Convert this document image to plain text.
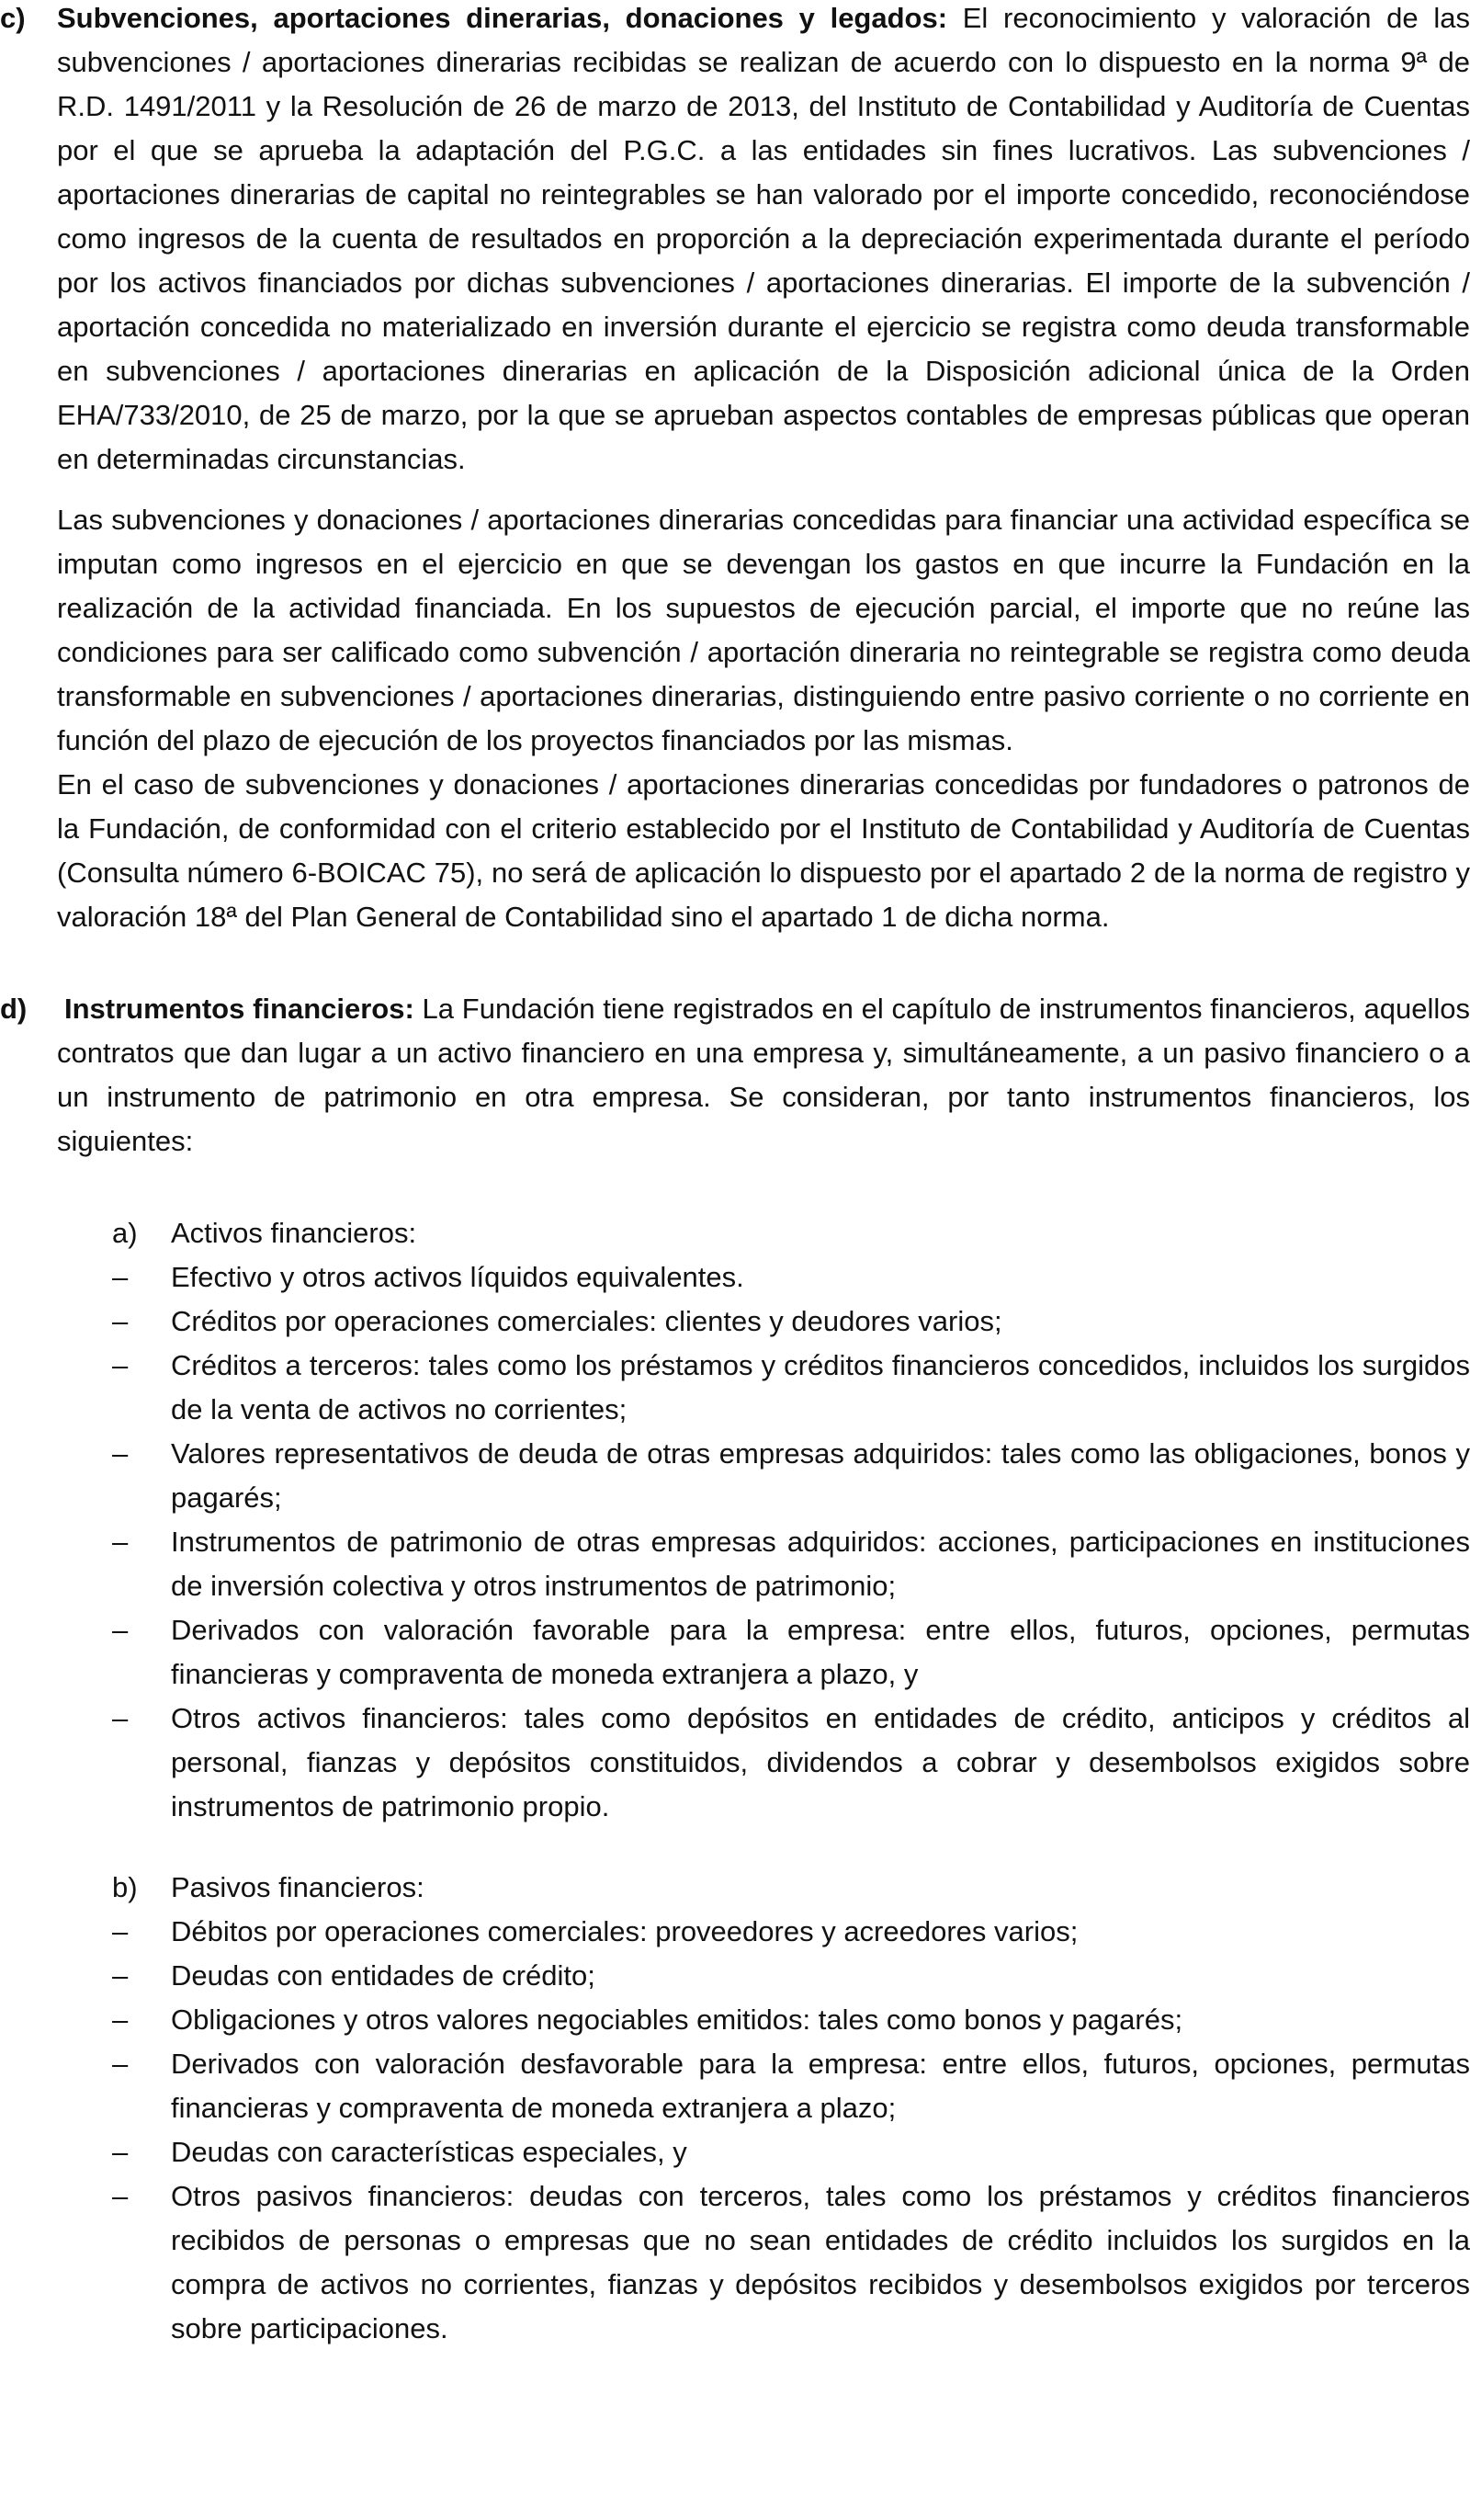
c) Subvenciones, aportaciones dinerarias, donaciones y legados: El reconocimiento y valoración de las subvenciones / aportaciones dinerarias recibidas se realizan de acuerdo con lo dispuesto en la norma 9ª de R.D. 1491/2011 y la Resolución de 26 de marzo de 2013, del Instituto de Contabilidad y Auditoría de Cuentas por el que se aprueba la adaptación del P.G.C. a las entidades sin fines lucrativos. Las subvenciones / aportaciones dinerarias de capital no reintegrables se han valorado por el importe concedido, reconociéndose como ingresos de la cuenta de resultados en proporción a la depreciación experimentada durante el período por los activos financiados por dichas subvenciones / aportaciones dinerarias. El importe de la subvención / aportación concedida no materializado en inversión durante el ejercicio se registra como deuda transformable en subvenciones / aportaciones dinerarias en aplicación de la Disposición adicional única de la Orden EHA/733/2010, de 25 de marzo, por la que se aprueban aspectos contables de empresas públicas que operan en determinadas circunstancias.

Las subvenciones y donaciones / aportaciones dinerarias concedidas para financiar una actividad específica se imputan como ingresos en el ejercicio en que se devengan los gastos en que incurre la Fundación en la realización de la actividad financiada. En los supuestos de ejecución parcial, el importe que no reúne las condiciones para ser calificado como subvención / aportación dineraria no reintegrable se registra como deuda transformable en subvenciones / aportaciones dinerarias, distinguiendo entre pasivo corriente o no corriente en función del plazo de ejecución de los proyectos financiados por las mismas.

En el caso de subvenciones y donaciones / aportaciones dinerarias concedidas por fundadores o patronos de la Fundación, de conformidad con el criterio establecido por el Instituto de Contabilidad y Auditoría de Cuentas (Consulta número 6-BOICAC 75), no será de aplicación lo dispuesto por el apartado 2 de la norma de registro y valoración 18ª del Plan General de Contabilidad sino el apartado 1 de dicha norma.

d) Instrumentos financieros: La Fundación tiene registrados en el capítulo de instrumentos financieros, aquellos contratos que dan lugar a un activo financiero en una empresa y, simultáneamente, a un pasivo financiero o a un instrumento de patrimonio en otra empresa. Se consideran, por tanto instrumentos financieros, los siguientes:

a)	Activos financieros:
–	Efectivo y otros activos líquidos equivalentes.
–	Créditos por operaciones comerciales: clientes y deudores varios;
–	Créditos a terceros: tales como los préstamos y créditos financieros concedidos, incluidos los surgidos de la venta de activos no corrientes;
–	Valores representativos de deuda de otras empresas adquiridos: tales como las obligaciones, bonos y pagarés;
–	Instrumentos de patrimonio de otras empresas adquiridos: acciones, participaciones en instituciones de inversión colectiva y otros instrumentos de patrimonio;
–	Derivados con valoración favorable para la empresa: entre ellos, futuros, opciones, permutas financieras y compraventa de moneda extranjera a plazo, y
–	Otros activos financieros: tales como depósitos en entidades de crédito, anticipos y créditos al personal, fianzas y depósitos constituidos, dividendos a cobrar y desembolsos exigidos sobre instrumentos de patrimonio propio.
b)	Pasivos financieros:
–	Débitos por operaciones comerciales: proveedores y acreedores varios;
–	Deudas con entidades de crédito;
–	Obligaciones y otros valores negociables emitidos: tales como bonos y pagarés;
–	Derivados con valoración desfavorable para la empresa: entre ellos, futuros, opciones, permutas financieras y compraventa de moneda extranjera a plazo;
–	Deudas con características especiales, y
–	Otros pasivos financieros: deudas con terceros, tales como los préstamos y créditos financieros recibidos de personas o empresas que no sean entidades de crédito incluidos los surgidos en la compra de activos no corrientes, fianzas y depósitos recibidos y desembolsos exigidos por terceros sobre participaciones.
